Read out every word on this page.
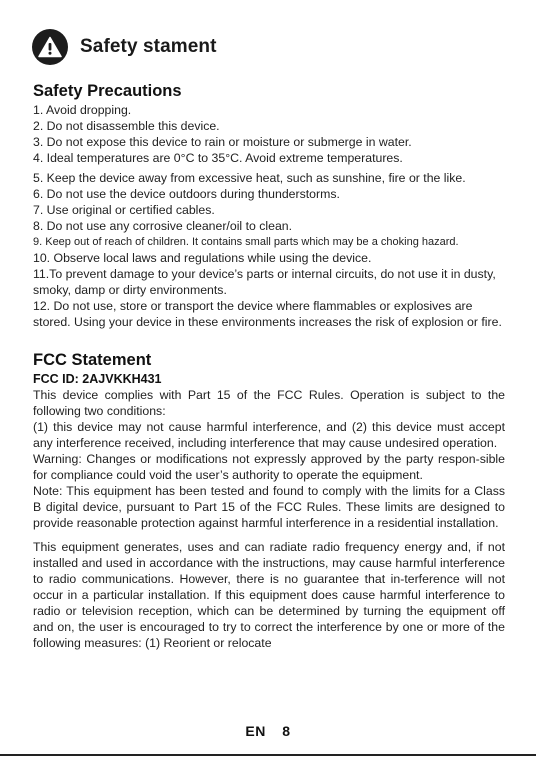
Safety stament
Safety Precautions
1. Avoid dropping.
2. Do not disassemble this device.
3. Do not expose this device to rain or moisture or submerge in water.
4. Ideal temperatures are 0°C to 35°C. Avoid extreme temperatures.
5. Keep the device away from excessive heat, such as sunshine, fire or the like.
6. Do not use the device outdoors during thunderstorms.
7. Use original or certified cables.
8. Do not use any corrosive cleaner/oil to clean.
9. Keep out of reach of children. It contains small parts which may be a choking hazard.
10. Observe local laws and regulations while using the device.
11.To prevent damage to your device’s parts or internal circuits, do not use it in dusty, smoky, damp or dirty environments.
12. Do not use, store or transport the device where flammables or explosives are stored. Using your device in these environments increases the risk of explosion or fire.
FCC Statement
FCC ID: 2AJVKKH431

This device complies with Part 15 of the FCC Rules. Operation is subject to the following two conditions:

(1) this device may not cause harmful interference, and (2) this device must accept any interference received, including interference that may cause undesired operation.

Warning: Changes or modifications not expressly approved by the party respon-sible for compliance could void the user’s authority to operate the equipment.

Note: This equipment has been tested and found to comply with the limits for a Class B digital device, pursuant to Part 15 of the FCC Rules. These limits are designed to provide reasonable protection against harmful interference in a residential installation.

This equipment generates, uses and can radiate radio frequency energy and, if not installed and used in accordance with the instructions, may cause harmful interference to radio communications. However, there is no guarantee that in-terference will not occur in a particular installation. If this equipment does cause harmful interference to radio or television reception, which can be determined by turning the equipment off and on, the user is encouraged to try to correct the interference by one or more of the following measures: (1) Reorient or relocate

EN 8
